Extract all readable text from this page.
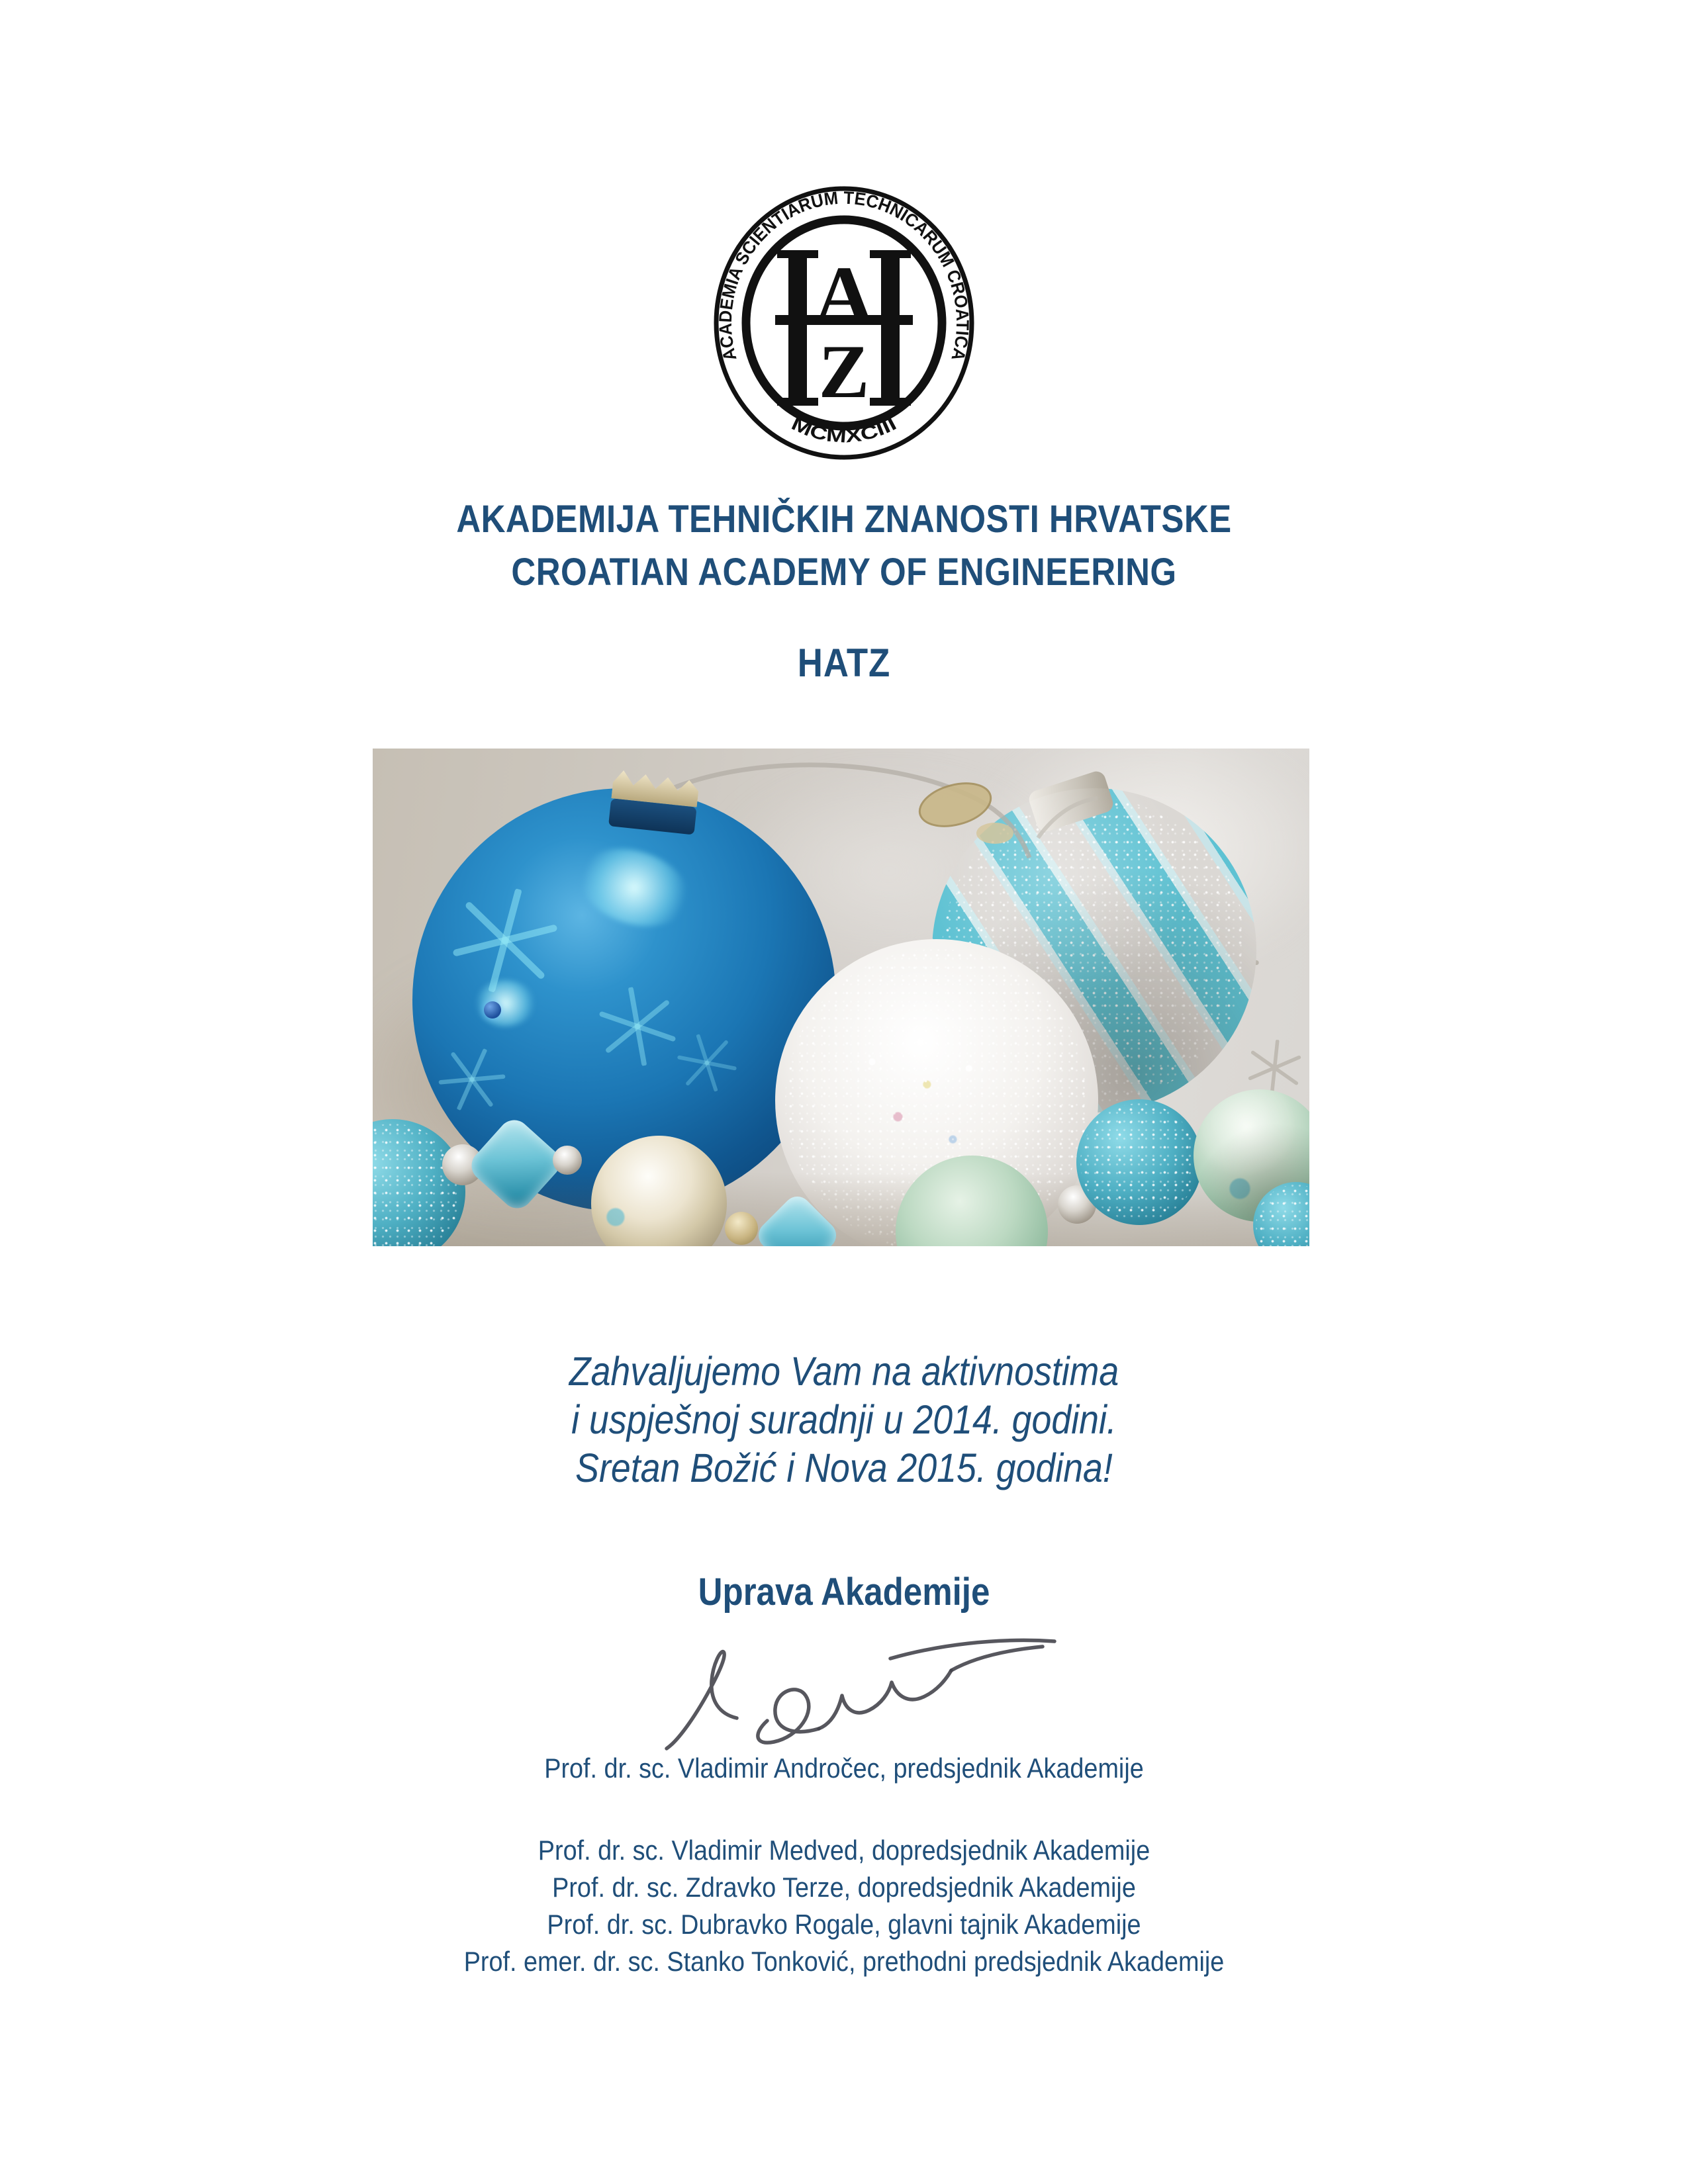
ACADEMIA SCIENTIARUM TECHNICARUM CROATICA
MCMXCIII
A
Z
AKADEMIJA TEHNIČKIH ZNANOSTI HRVATSKE
CROATIAN ACADEMY OF ENGINEERING
HATZ
Zahvaljujemo Vam na aktivnostima
i uspješnoj suradnji u 2014. godini.
Sretan Božić i Nova 2015. godina!
Uprava Akademije
Prof. dr. sc. Vladimir Andročec, predsjednik Akademije
Prof. dr. sc. Vladimir Medved, dopredsjednik Akademije
Prof. dr. sc. Zdravko Terze, dopredsjednik Akademije
Prof. dr. sc. Dubravko Rogale, glavni tajnik Akademije
Prof. emer. dr. sc. Stanko Tonković, prethodni predsjednik Akademije
